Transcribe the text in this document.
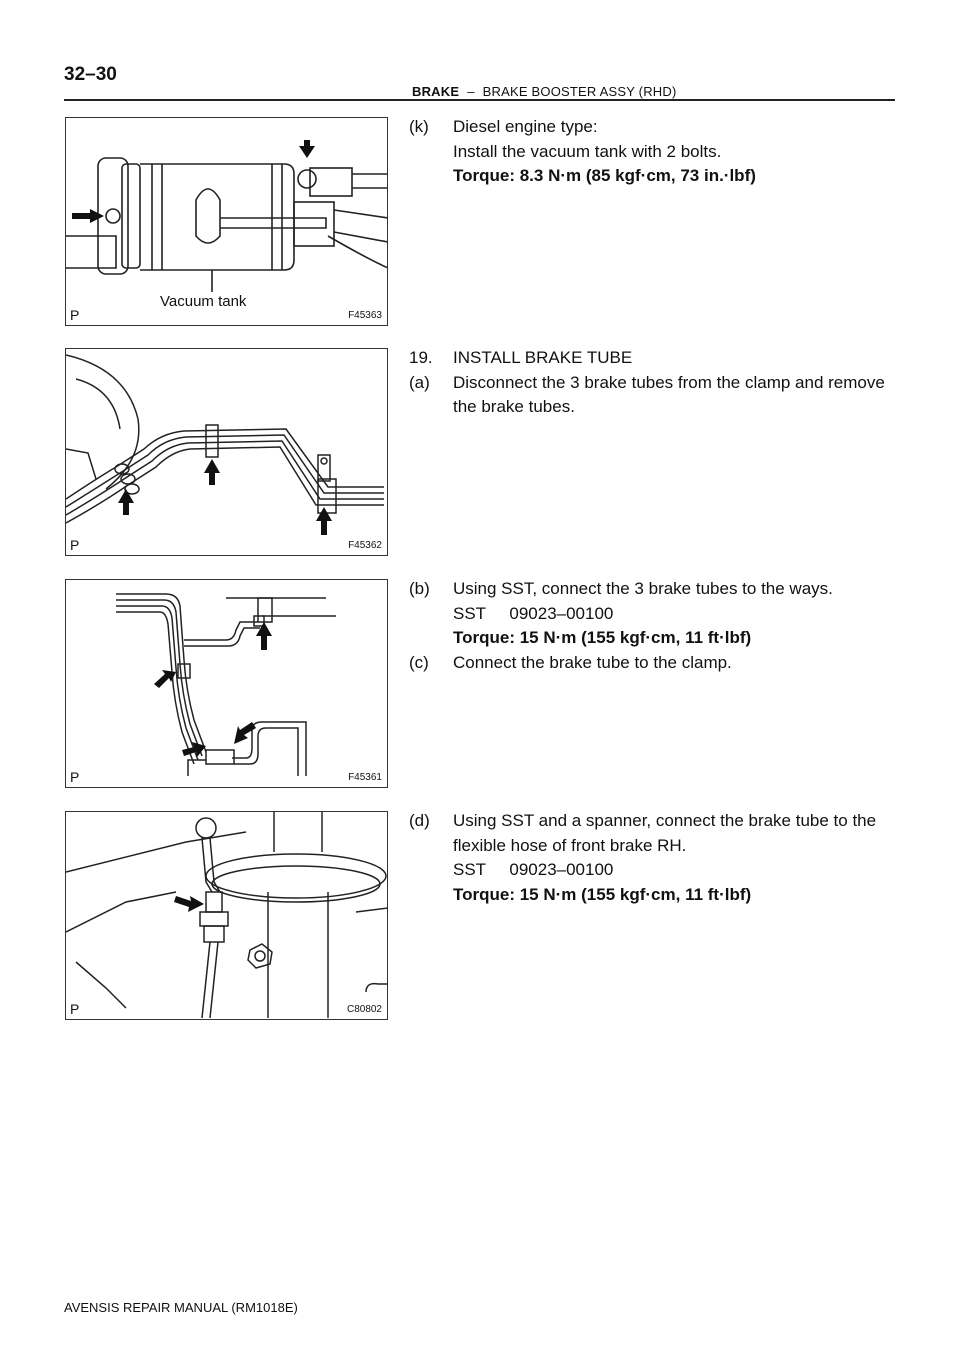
32–30
BRAKE – BRAKE BOOSTER ASSY (RHD)
Vacuum tank
P	F45363
P	F45362
P	F45361
P	C80802
(k) Diesel engine type:
Install the vacuum tank with 2 bolts.
Torque: 8.3 N·m (85 kgf·cm, 73 in.·lbf)
19. INSTALL BRAKE TUBE
(a) Disconnect the 3 brake tubes from the clamp and remove
the brake tubes.
(b) Using SST, connect the 3 brake tubes to the ways.
SST     09023–00100
Torque: 15 N·m (155 kgf·cm, 11 ft·lbf)
(c) Connect the brake tube to the clamp.
(d) Using SST and a spanner, connect the brake tube to the
flexible hose of front brake RH.
SST     09023–00100
Torque: 15 N·m (155 kgf·cm, 11 ft·lbf)
AVENSIS REPAIR MANUAL (RM1018E)
